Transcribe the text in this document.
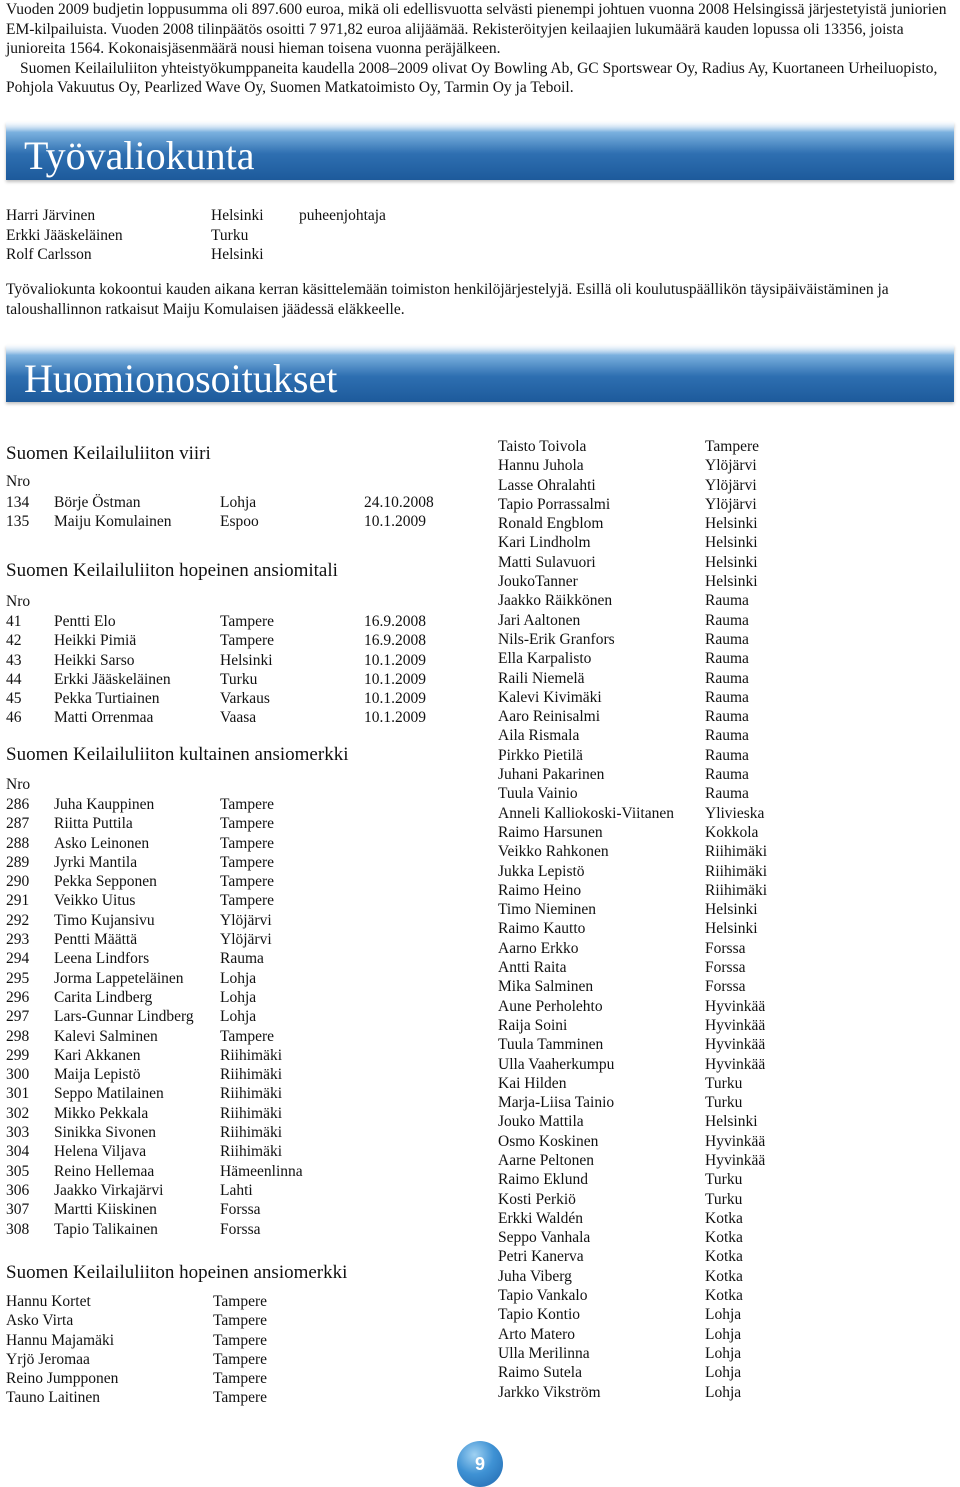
Vuoden 2009 budjetin loppusumma oli 897.600 euroa, mikä oli edellisvuotta selvästi pienempi johtuen vuonna 2008 Helsingissä järjestetyistä juniorien EM-kilpailuista. Vuoden 2008 tilinpäätös osoitti 7 971,82 euroa alijäämää. Rekisteröityjen keilaajien lukumäärä kauden lopussa oli 13356, joista junioreita 1564. Kokonaisjäsenmäärä nousi hieman toisena vuonna peräjälkeen.

Suomen Keilailuliiton yhteistyökumppaneita kaudella 2008–2009 olivat Oy Bowling Ab, GC Sportswear Oy, Radius Ay, Kuortaneen Urheiluopisto, Pohjola Vakuutus Oy, Pearlized Wave Oy, Suomen Matkatoimisto Oy, Tarmin Oy ja Teboil.

Työvaliokunta
Harri Järvinen	Helsinki puheenjohtaja
Erkki Jääskeläinen	Turku
Rolf Carlsson	Helsinki

Työvaliokunta kokoontui kauden aikana kerran käsittelemään toimiston henkilöjärjestelyjä. Esillä oli koulutuspäällikön täysipäiväistäminen ja taloushallinnon ratkaisut Maiju Komulaisen jäädessä eläkkeelle.

Huomionosoitukset
Suomen Keilailuliiton viiri
Nro
134 Börje Östman	Lohja	24.10.2008
135 Maiju Komulainen	Espoo	10.1.2009
Suomen Keilailuliiton hopeinen ansiomitali
Nro
41 Pentti Elo	Tampere	16.9.2008
42 Heikki Pimiä	Tampere	16.9.2008
43 Heikki Sarso	Helsinki	10.1.2009
44 Erkki Jääskeläinen	Turku	10.1.2009
45 Pekka Turtiainen	Varkaus	10.1.2009
46 Matti Orrenmaa	Vaasa	10.1.2009
Suomen Keilailuliiton kultainen ansiomerkki
Nro
286 Juha Kauppinen	Tampere
287 Riitta Puttila	Tampere
288 Asko Leinonen	Tampere
289 Jyrki Mantila	Tampere
290 Pekka Sepponen	Tampere
291 Veikko Uitus	Tampere
292 Timo Kujansivu	Ylöjärvi
293 Pentti Määttä	Ylöjärvi
294 Leena Lindfors	Rauma
295 Jorma Lappeteläinen Lohja
296 Carita Lindberg	Lohja
297 Lars-Gunnar Lindberg Lohja
298 Kalevi Salminen	Tampere
299 Kari Akkanen	Riihimäki
300 Maija Lepistö	Riihimäki
301 Seppo Matilainen	Riihimäki
302 Mikko Pekkala	Riihimäki
303 Sinikka Sivonen	Riihimäki
304 Helena Viljava	Riihimäki
305 Reino Hellemaa	Hämeenlinna
306 Jaakko Virkajärvi	Lahti
307 Martti Kiiskinen	Forssa
308 Tapio Talikainen	Forssa
Suomen Keilailuliiton hopeinen ansiomerkki
Hannu Kortet	Tampere
Asko Virta	Tampere
Hannu Majamäki	Tampere
Yrjö Jeromaa	Tampere
Reino Jumpponen	Tampere
Tauno Laitinen	Tampere
Taisto Toivola	Tampere
Hannu Juhola	Ylöjärvi
Lasse Ohralahti	Ylöjärvi
Tapio Porrassalmi	Ylöjärvi
Ronald Engblom	Helsinki
Kari Lindholm	Helsinki
Matti Sulavuori	Helsinki
JoukoTanner	Helsinki
Jaakko Räikkönen	Rauma
Jari Aaltonen	Rauma
Nils-Erik Granfors	Rauma
Ella Karpalisto	Rauma
Raili Niemelä	Rauma
Kalevi Kivimäki	Rauma
Aaro Reinisalmi	Rauma
Aila Rismala	Rauma
Pirkko Pietilä	Rauma
Juhani Pakarinen	Rauma
Tuula Vainio	Rauma
Anneli Kalliokoski-Viitanen Ylivieska
Raimo Harsunen	Kokkola
Veikko Rahkonen	Riihimäki
Jukka Lepistö	Riihimäki
Raimo Heino	Riihimäki
Timo Nieminen	Helsinki
Raimo Kautto	Helsinki
Aarno Erkko	Forssa
Antti Raita	Forssa
Mika Salminen	Forssa
Aune Perholehto	Hyvinkää
Raija Soini	Hyvinkää
Tuula Tamminen	Hyvinkää
Ulla Vaaherkumpu	Hyvinkää
Kai Hilden	Turku
Marja-Liisa Tainio	Turku
Jouko Mattila	Helsinki
Osmo Koskinen	Hyvinkää
Aarne Peltonen	Hyvinkää
Raimo Eklund	Turku
Kosti Perkiö	Turku
Erkki Waldén	Kotka
Seppo Vanhala	Kotka
Petri Kanerva	Kotka
Juha Viberg	Kotka
Tapio Vankalo	Kotka
Tapio Kontio	Lohja
Arto Matero	Lohja
Ulla Merilinna	Lohja
Raimo Sutela	Lohja
Jarkko Vikström	Lohja
9
